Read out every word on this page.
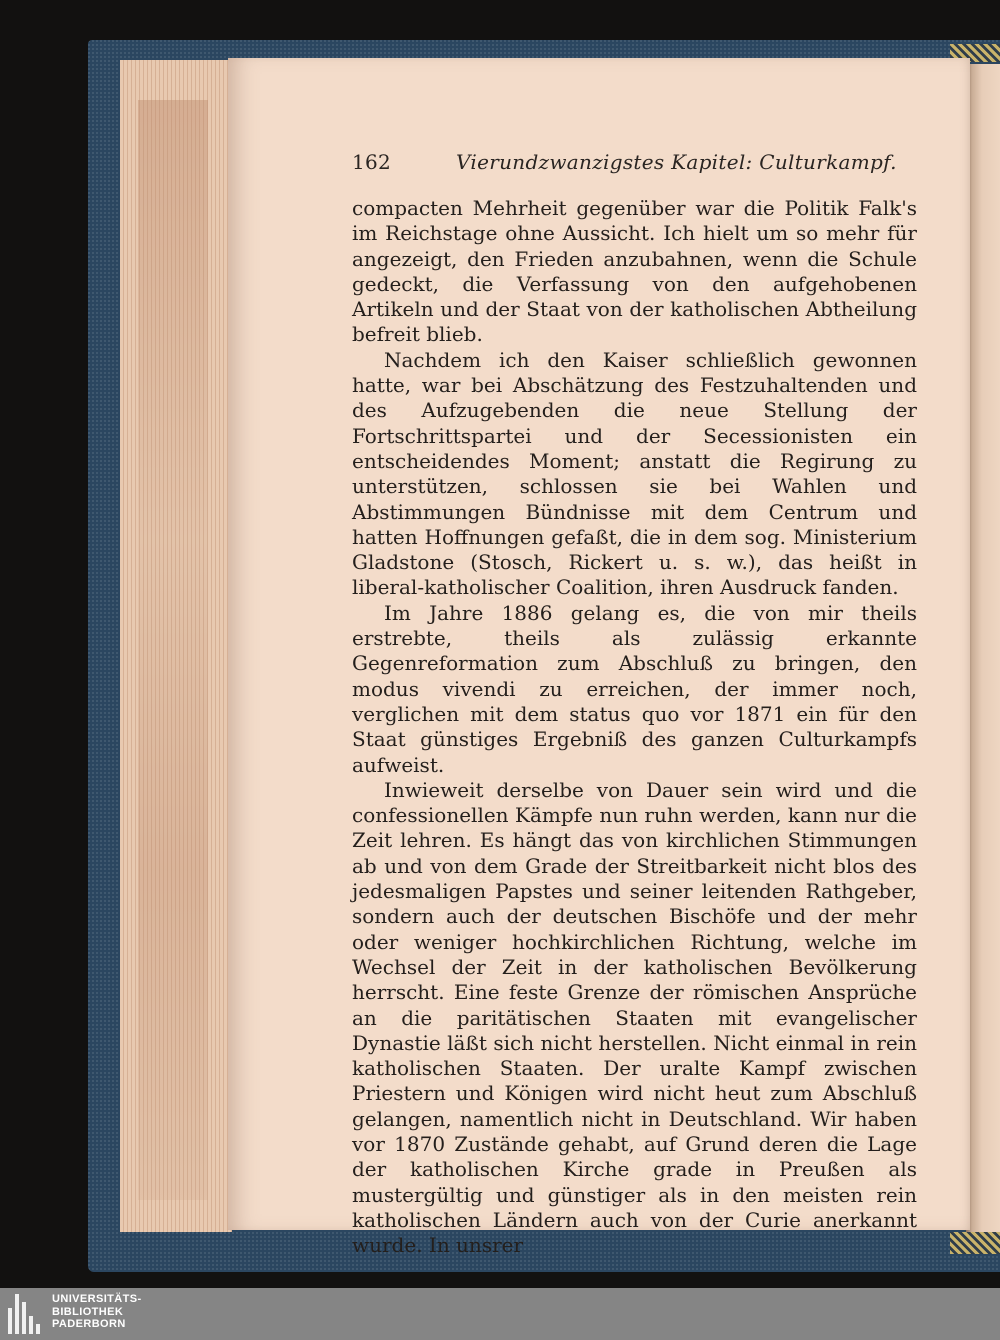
162	Vierundzwanzigstes Kapitel: Culturkampf.

compacten Mehrheit gegenüber war die Politik Falk's im Reichstage ohne Aussicht. Ich hielt um so mehr für angezeigt, den Frieden anzubahnen, wenn die Schule gedeckt, die Verfassung von den aufgehobenen Artikeln und der Staat von der katholischen Abtheilung befreit blieb.

Nachdem ich den Kaiser schließlich gewonnen hatte, war bei Abschätzung des Festzuhaltenden und des Aufzugebenden die neue Stellung der Fortschrittspartei und der Secessionisten ein entscheidendes Moment; anstatt die Regirung zu unterstützen, schlossen sie bei Wahlen und Abstimmungen Bündnisse mit dem Centrum und hatten Hoffnungen gefaßt, die in dem sog. Ministerium Gladstone (Stosch, Rickert u. s. w.), das heißt in liberal-katholischer Coalition, ihren Ausdruck fanden.

Im Jahre 1886 gelang es, die von mir theils erstrebte, theils als zulässig erkannte Gegenreformation zum Abschluß zu bringen, den modus vivendi zu erreichen, der immer noch, verglichen mit dem status quo vor 1871 ein für den Staat günstiges Ergebniß des ganzen Culturkampfs aufweist.

Inwieweit derselbe von Dauer sein wird und die confessionellen Kämpfe nun ruhn werden, kann nur die Zeit lehren. Es hängt das von kirchlichen Stimmungen ab und von dem Grade der Streitbarkeit nicht blos des jedesmaligen Papstes und seiner leitenden Rathgeber, sondern auch der deutschen Bischöfe und der mehr oder weniger hochkirchlichen Richtung, welche im Wechsel der Zeit in der katholischen Bevölkerung herrscht. Eine feste Grenze der römischen Ansprüche an die paritätischen Staaten mit evangelischer Dynastie läßt sich nicht herstellen. Nicht einmal in rein katholischen Staaten. Der uralte Kampf zwischen Priestern und Königen wird nicht heut zum Abschluß gelangen, namentlich nicht in Deutschland. Wir haben vor 1870 Zustände gehabt, auf Grund deren die Lage der katholischen Kirche grade in Preußen als mustergültig und günstiger als in den meisten rein katholischen Ländern auch von der Curie anerkannt wurde. In unsrer

UNIVERSITÄTS-
BIBLIOTHEK
PADERBORN
